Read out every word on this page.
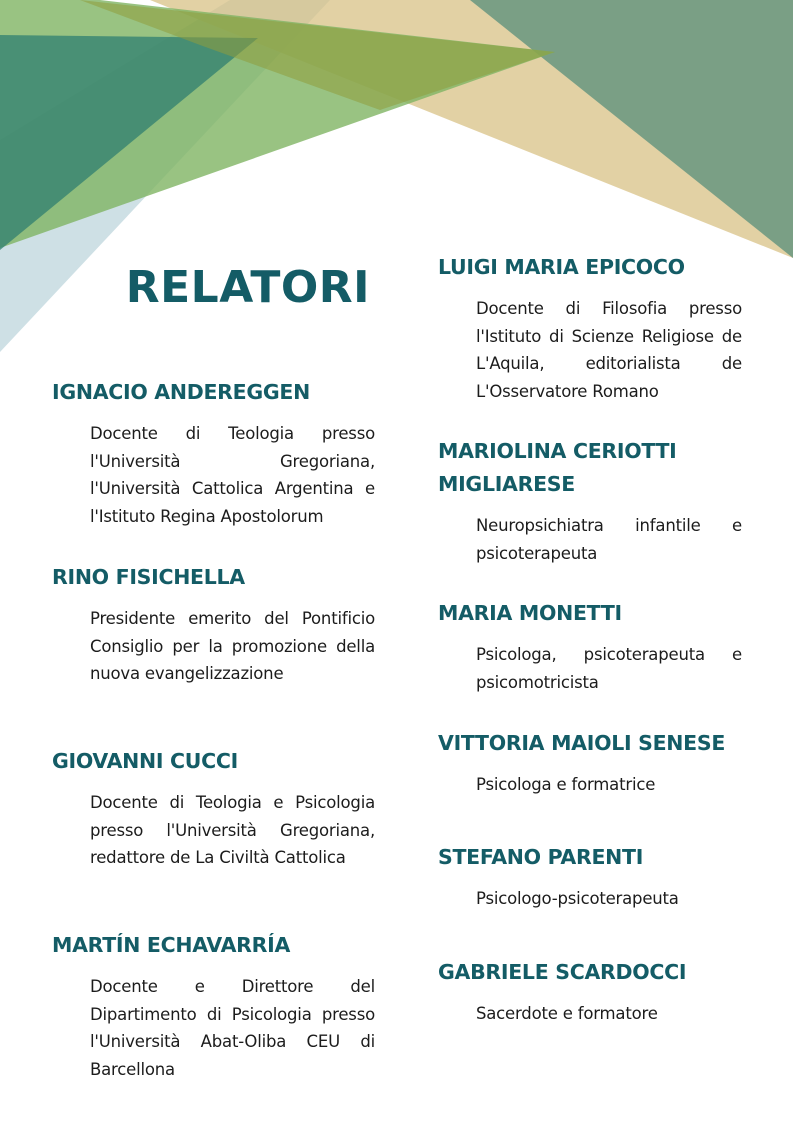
RELATORI
IGNACIO ANDEREGGEN

Docente di Teologia presso l'Università Gregoriana, l'Università Cattolica Argentina e l'Istituto Regina Apostolorum

RINO FISICHELLA

Presidente emerito del Pontificio Consiglio per la promozione della nuova evangelizzazione

GIOVANNI CUCCI

Docente di Teologia e Psicologia presso l'Università Gregoriana, redattore de La Civiltà Cattolica

MARTÍN ECHAVARRÍA

Docente e Direttore del Dipartimento di Psicologia presso l'Università Abat-Oliba CEU di Barcellona

LUIGI MARIA EPICOCO

Docente di Filosofia presso l'Istituto di Scienze Religiose de L'Aquila, editorialista de L'Osservatore Romano

MARIOLINA CERIOTTI MIGLIARESE

Neuropsichiatra infantile e psicoterapeuta

MARIA MONETTI

Psicologa, psicoterapeuta e psicomotricista

VITTORIA MAIOLI SENESE

Psicologa e formatrice

STEFANO PARENTI

Psicologo-psicoterapeuta

GABRIELE SCARDOCCI

Sacerdote e formatore
